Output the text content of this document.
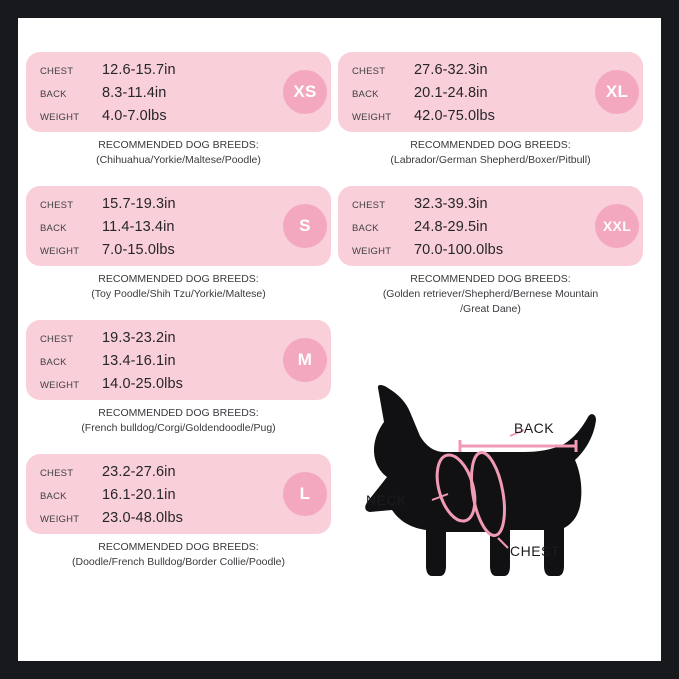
CHEST	12.6-15.7in
BACK	8.3-11.4in
WEIGHT	4.0-7.0lbs
XS
RECOMMENDED DOG BREEDS:
(Chihuahua/Yorkie/Maltese/Poodle)
CHEST	15.7-19.3in
BACK	11.4-13.4in
WEIGHT	7.0-15.0lbs
S
RECOMMENDED DOG BREEDS:
(Toy Poodle/Shih Tzu/Yorkie/Maltese)
CHEST	19.3-23.2in
BACK	13.4-16.1in
WEIGHT	14.0-25.0lbs
M
RECOMMENDED DOG BREEDS:
(French bulldog/Corgi/Goldendoodle/Pug)
CHEST	23.2-27.6in
BACK	16.1-20.1in
WEIGHT	23.0-48.0lbs
L
RECOMMENDED DOG BREEDS:
(Doodle/French Bulldog/Border Collie/Poodle)
CHEST	27.6-32.3in
BACK	20.1-24.8in
WEIGHT	42.0-75.0lbs
XL
RECOMMENDED DOG BREEDS:
(Labrador/German Shepherd/Boxer/Pitbull)
CHEST	32.3-39.3in
BACK	24.8-29.5in
WEIGHT	70.0-100.0lbs
XXL
RECOMMENDED DOG BREEDS:
(Golden retriever/Shepherd/Bernese Mountain
/Great Dane)
BACK
NECK
CHEST
